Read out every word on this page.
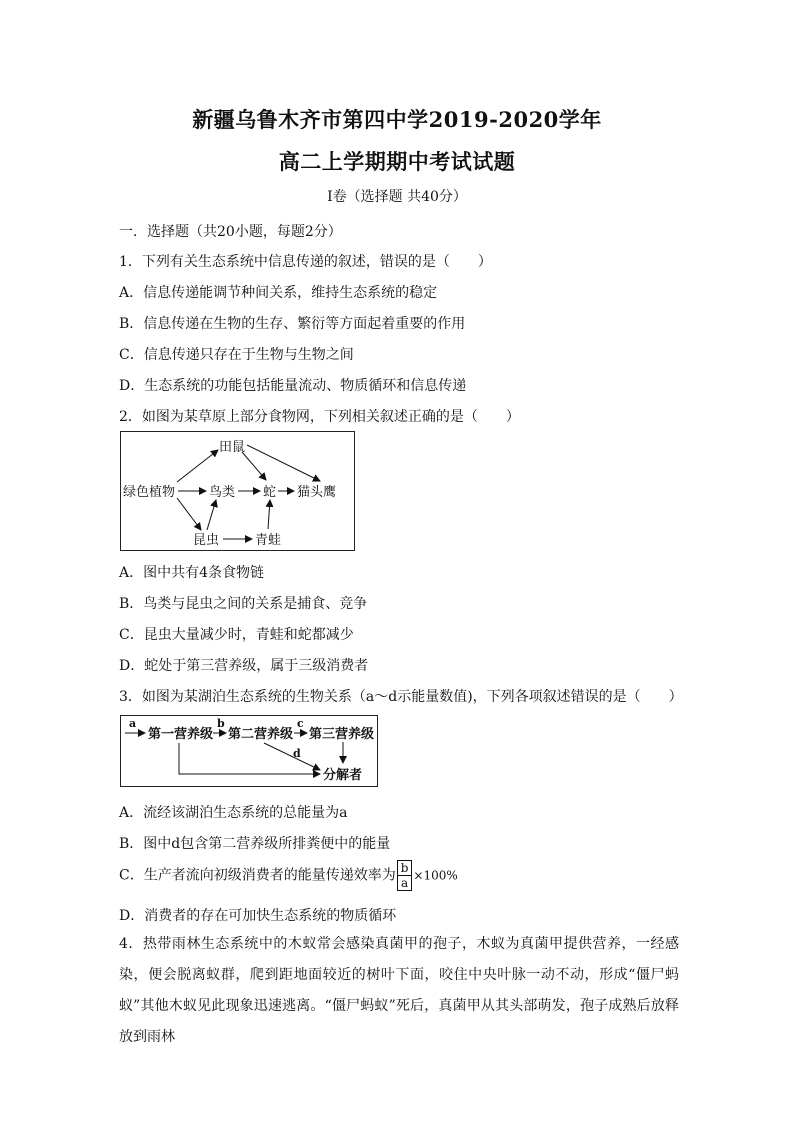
新疆乌鲁木齐市第四中学2019-2020学年
高二上学期期中考试试题
I卷（选择题 共40分）
一．选择题（共20小题，每题2分）
1．下列有关生态系统中信息传递的叙述，错误的是（　　）
A．信息传递能调节种间关系，维持生态系统的稳定
B．信息传递在生物的生存、繁衍等方面起着重要的作用
C．信息传递只存在于生物与生物之间
D．生态系统的功能包括能量流动、物质循环和信息传递
2．如图为某草原上部分食物网，下列相关叙述正确的是（　　）
绿色植物
田鼠
鸟类 蛇 猫头鹰
昆虫	青蛙
A．图中共有4条食物链
B．鸟类与昆虫之间的关系是捕食、竞争
C．昆虫大量减少时，青蛙和蛇都减少
D．蛇处于第三营养级，属于三级消费者
3．如图为某湖泊生态系统的生物关系（a～d示能量数值)，下列各项叙述错误的是（　　）
a	b	c
d
第一营养级 第二营养级 第三营养级
分解者
A．流经该湖泊生态系统的总能量为a
B．图中d包含第二营养级所排粪便中的能量
C．生产者流向初级消费者的能量传递效率为 $\frac{b}{a} \times 100\%$
D．消费者的存在可加快生态系统的物质循环
4．热带雨林生态系统中的木蚁常会感染真菌甲的孢子，木蚁为真菌甲提供营养，一经感染，便会脱离蚁群，爬到距地面较近的树叶下面，咬住中央叶脉一动不动，形成“僵尸蚂蚁”其他木蚁见此现象迅速逃离。“僵尸蚂蚁”死后，真菌甲从其头部萌发，孢子成熟后放释放到雨林
